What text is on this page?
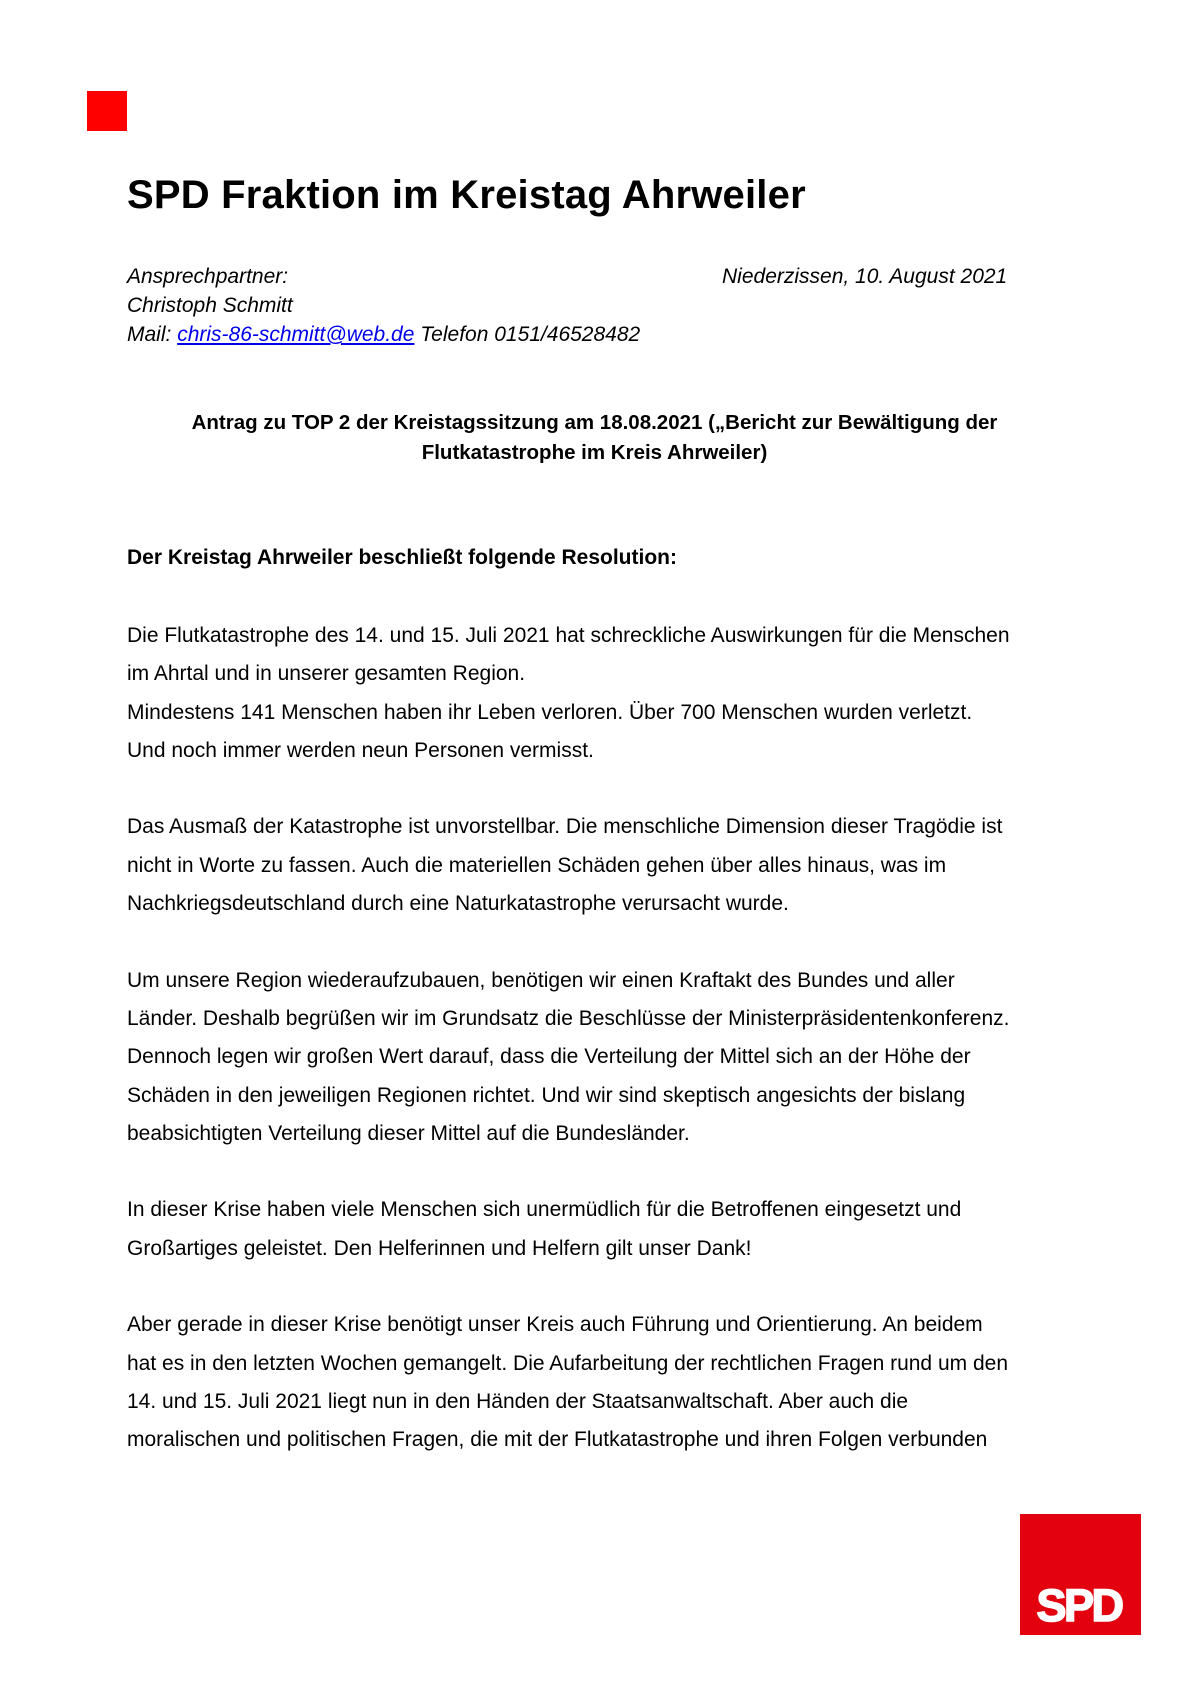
SPD Fraktion im Kreistag Ahrweiler
Ansprechpartner:
Christoph Schmitt
Mail: chris-86-schmitt@web.de Telefon 0151/46528482
Niederzissen, 10. August 2021
Antrag zu TOP 2 der Kreistagssitzung am 18.08.2021 („Bericht zur Bewältigung der
Flutkatastrophe im Kreis Ahrweiler)
Der Kreistag Ahrweiler beschließt folgende Resolution:

Die Flutkatastrophe des 14. und 15. Juli 2021 hat schreckliche Auswirkungen für die Menschen
im Ahrtal und in unserer gesamten Region.
Mindestens 141 Menschen haben ihr Leben verloren. Über 700 Menschen wurden verletzt.
Und noch immer werden neun Personen vermisst.

Das Ausmaß der Katastrophe ist unvorstellbar. Die menschliche Dimension dieser Tragödie ist
nicht in Worte zu fassen. Auch die materiellen Schäden gehen über alles hinaus, was im
Nachkriegsdeutschland durch eine Naturkatastrophe verursacht wurde.

Um unsere Region wiederaufzubauen, benötigen wir einen Kraftakt des Bundes und aller
Länder. Deshalb begrüßen wir im Grundsatz die Beschlüsse der Ministerpräsidentenkonferenz.
Dennoch legen wir großen Wert darauf, dass die Verteilung der Mittel sich an der Höhe der
Schäden in den jeweiligen Regionen richtet. Und wir sind skeptisch angesichts der bislang
beabsichtigten Verteilung dieser Mittel auf die Bundesländer.

In dieser Krise haben viele Menschen sich unermüdlich für die Betroffenen eingesetzt und
Großartiges geleistet. Den Helferinnen und Helfern gilt unser Dank!

Aber gerade in dieser Krise benötigt unser Kreis auch Führung und Orientierung. An beidem
hat es in den letzten Wochen gemangelt. Die Aufarbeitung der rechtlichen Fragen rund um den
14. und 15. Juli 2021 liegt nun in den Händen der Staatsanwaltschaft. Aber auch die
moralischen und politischen Fragen, die mit der Flutkatastrophe und ihren Folgen verbunden

SPD
